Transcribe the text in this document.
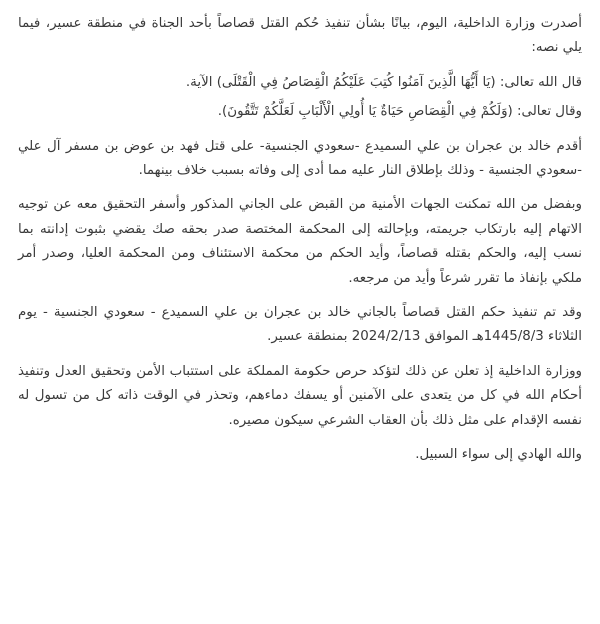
أصدرت وزارة الداخلية، اليوم، بيانًا بشأن تنفيذ حُكم القتل قصاصاً بأحد الجناة في منطقة عسير، فيما يلي نصه:

قال الله تعالى: (يَا أَيُّهَا الَّذِينَ آمَنُوا كُتِبَ عَلَيْكُمُ الْقِصَاصُ فِي الْقَتْلَى) الآية.

وقال تعالى: (وَلَكُمْ فِي الْقِصَاصِ حَيَاةٌ يَا أُولِي الْأَلْبَابِ لَعَلَّكُمْ تَتَّقُونَ).

أقدم خالد بن عجران بن علي السميدع -سعودي الجنسية- على قتل فهد بن عوض بن مسفر آل علي -سعودي الجنسية - وذلك بإطلاق النار عليه مما أدى إلى وفاته بسبب خلاف بينهما.

وبفضل من الله تمكنت الجهات الأمنية من القبض على الجاني المذكور وأسفر التحقيق معه عن توجيه الاتهام إليه بارتكاب جريمته، وبإحالته إلى المحكمة المختصة صدر بحقه صك يقضي بثبوت إدانته بما نسب إليه، والحكم بقتله قصاصاً، وأيد الحكم من محكمة الاستئناف ومن المحكمة العليا، وصدر أمر ملكي بإنفاذ ما تقرر شرعاً وأيد من مرجعه.

وقد تم تنفيذ حكم القتل قصاصاً بالجاني خالد بن عجران بن علي السميدع - سعودي الجنسية - يوم الثلاثاء 1445/8/3هـ الموافق 2024/2/13 بمنطقة عسير.

ووزارة الداخلية إذ تعلن عن ذلك لتؤكد حرص حكومة المملكة على استتباب الأمن وتحقيق العدل وتنفيذ أحكام الله في كل من يتعدى على الآمنين أو يسفك دماءهم، وتحذر في الوقت ذاته كل من تسول له نفسه الإقدام على مثل ذلك بأن العقاب الشرعي سيكون مصيره.

والله الهادي إلى سواء السبيل.
